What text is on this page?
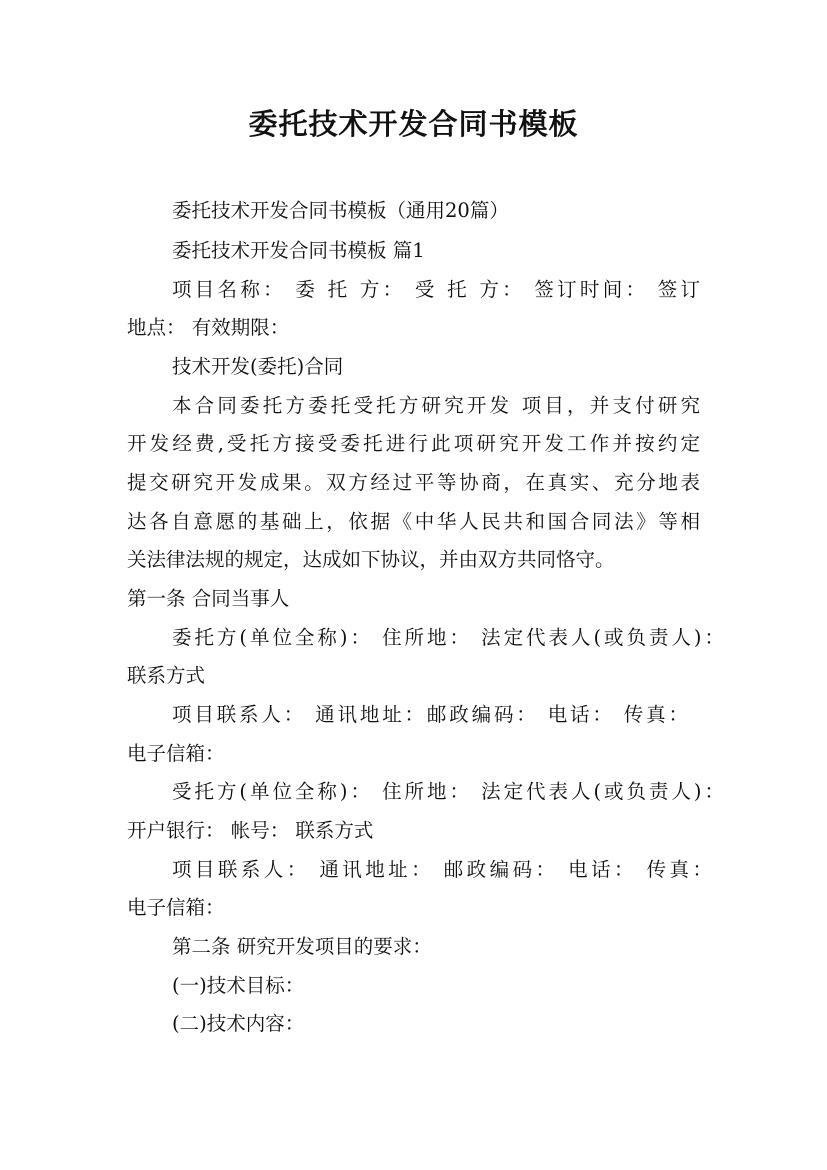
委托技术开发合同书模板
委托技术开发合同书模板（通用20篇）
委托技术开发合同书模板 篇1
项目名称： 委 托 方： 受 托 方： 签订时间： 签订
地点： 有效期限：
技术开发(委托)合同
本合同委托方委托受托方研究开发 项目，并支付研究
开发经费,受托方接受委托进行此项研究开发工作并按约定
提交研究开发成果。双方经过平等协商，在真实、充分地表
达各自意愿的基础上，依据《中华人民共和国合同法》等相
关法律法规的规定，达成如下协议，并由双方共同恪守。
第一条 合同当事人
委托方(单位全称)： 住所地： 法定代表人(或负责人)：
联系方式
项目联系人： 通讯地址：邮政编码： 电话： 传真：
电子信箱：
受托方(单位全称)： 住所地： 法定代表人(或负责人)：
开户银行： 帐号： 联系方式
项目联系人： 通讯地址： 邮政编码： 电话： 传真：
电子信箱：
第二条 研究开发项目的要求：
(一)技术目标：
(二)技术内容：
